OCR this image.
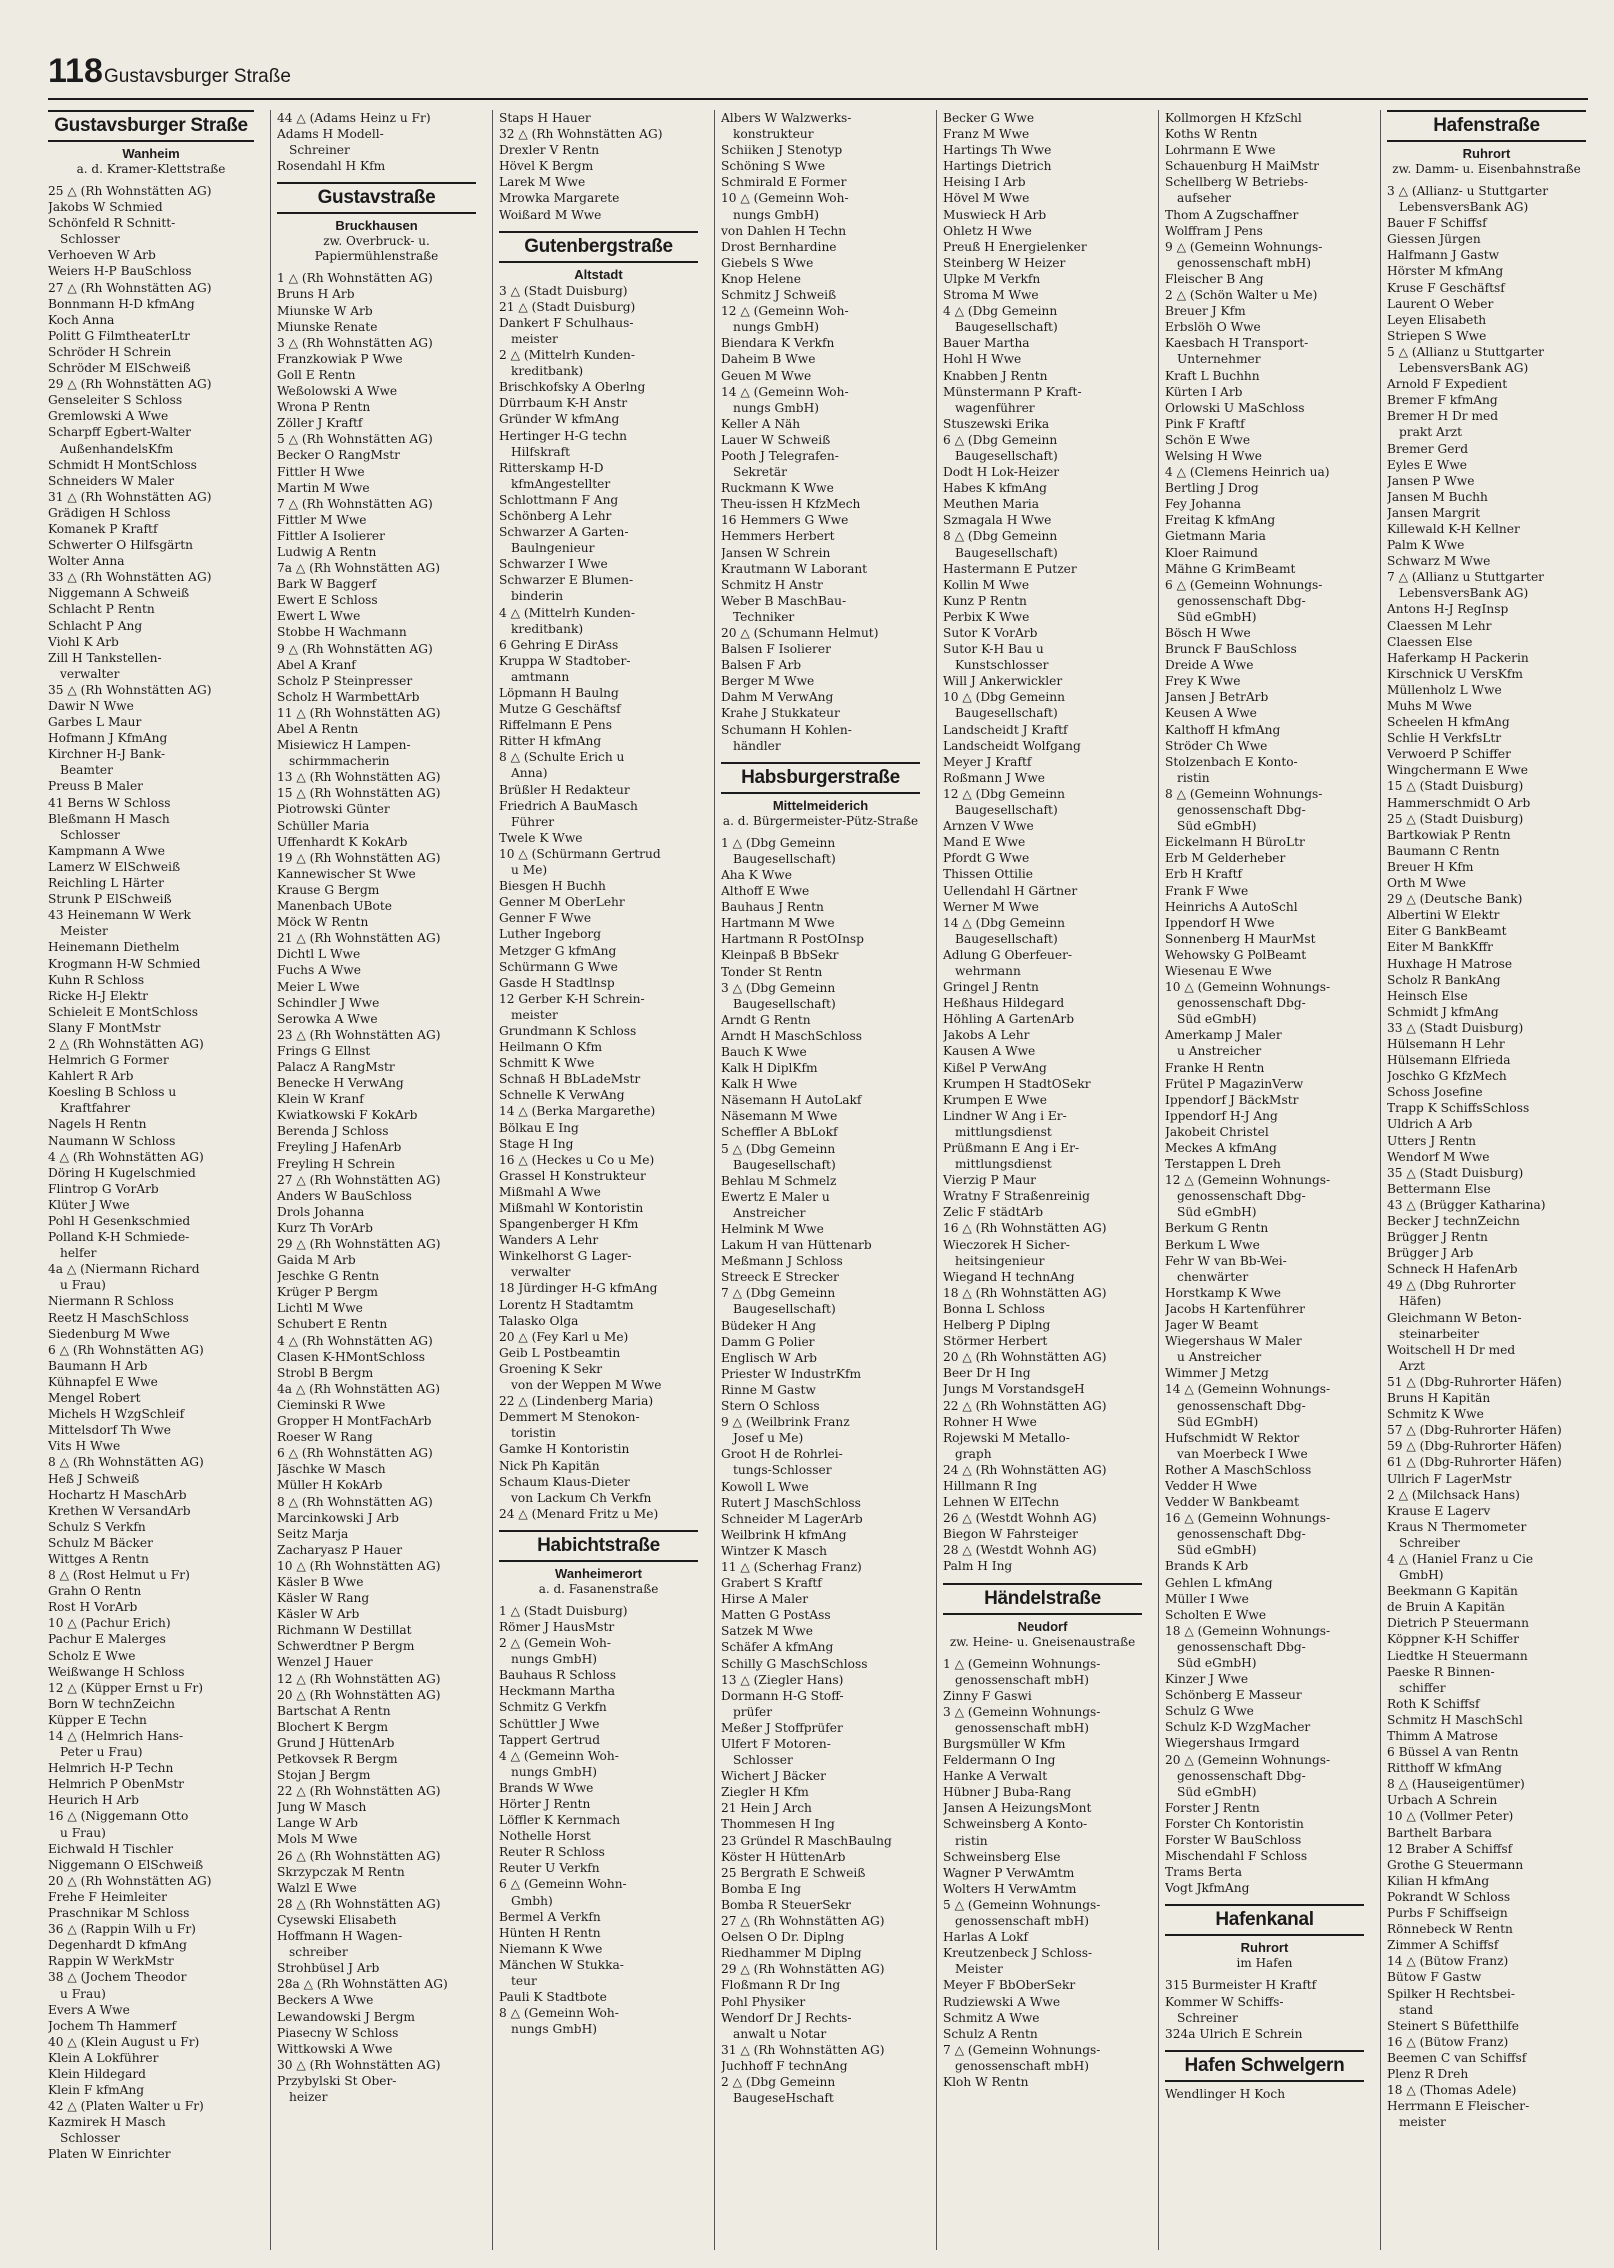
118 Gustavsburger Straße
Gustavsburger Straße
Wanheim
a. d. Kramer-Klettstraße
25 △ (Rh Wohnstätten AG)
Jakobs W Schmied
Schönfeld R Schnitt-
Schlosser
Verhoeven W Arb
Weiers H-P BauSchloss
27 △ (Rh Wohnstätten AG)
Bonnmann H-D kfmAng
Koch Anna
Politt G FilmtheaterLtr
Schröder H Schrein
Schröder M ElSchweiß
29 △ (Rh Wohnstätten AG)
Genseleiter S Schloss
Gremlowski A Wwe
Scharpff Egbert-Walter
AußenhandelsKfm
Schmidt H MontSchloss
Schneiders W Maler
31 △ (Rh Wohnstätten AG)
Grädigen H Schloss
Komanek P Kraftf
Schwerter O Hilfsgärtn
Wolter Anna
33 △ (Rh Wohnstätten AG)
Niggemann A Schweiß
Schlacht P Rentn
Schlacht P Ang
Viohl K Arb
Zill H Tankstellen-
verwalter
35 △ (Rh Wohnstätten AG)
Dawir N Wwe
Garbes L Maur
Hofmann J KfmAng
Kirchner H-J Bank-
Beamter
Preuss B Maler
41 Berns W Schloss
Bleßmann H Masch
Schlosser
Kampmann A Wwe
Lamerz W ElSchweiß
Reichling L Härter
Strunk P ElSchweiß
43 Heinemann W Werk
Meister
Heinemann Diethelm
Krogmann H-W Schmied
Kuhn R Schloss
Ricke H-J Elektr
Schieleit E MontSchloss
Slany F MontMstr
2 △ (Rh Wohnstätten AG)
Helmrich G Former
Kahlert R Arb
Koesling B Schloss u
Kraftfahrer
Nagels H Rentn
Naumann W Schloss
4 △ (Rh Wohnstätten AG)
Döring H Kugelschmied
Flintrop G VorArb
Klüter J Wwe
Pohl H Gesenkschmied
Polland K-H Schmiede-
helfer
4a △ (Niermann Richard
u Frau)
Niermann R Schloss
Reetz H MaschSchloss
Siedenburg M Wwe
6 △ (Rh Wohnstätten AG)
Baumann H Arb
Kühnapfel E Wwe
Mengel Robert
Michels H WzgSchleif
Mittelsdorf Th Wwe
Vits H Wwe
8 △ (Rh Wohnstätten AG)
Heß J Schweiß
Hochartz H MaschArb
Krethen W VersandArb
Schulz S Verkfn
Schulz M Bäcker
Wittges A Rentn
8 △ (Rost Helmut u Fr)
Grahn O Rentn
Rost H VorArb
10 △ (Pachur Erich)
Pachur E Malerges
Scholz E Wwe
Weißwange H Schloss
12 △ (Küpper Ernst u Fr)
Born W technZeichn
Küpper E Techn
14 △ (Helmrich Hans-
Peter u Frau)
Helmrich H-P Techn
Helmrich P ObenMstr
Heurich H Arb
16 △ (Niggemann Otto
u Frau)
Eichwald H Tischler
Niggemann O ElSchweiß
20 △ (Rh Wohnstätten AG)
Frehe F Heimleiter
Praschnikar M Schloss
36 △ (Rappin Wilh u Fr)
Degenhardt D kfmAng
Rappin W WerkMstr
38 △ (Jochem Theodor
u Frau)
Evers A Wwe
Jochem Th Hammerf
40 △ (Klein August u Fr)
Klein A Lokführer
Klein Hildegard
Klein F kfmAng
42 △ (Platen Walter u Fr)
Kazmirek H Masch
Schlosser
Platen W Einrichter
44 △ (Adams Heinz u Fr)
Adams H Modell-
Schreiner
Rosendahl H Kfm
Gustavstraße
Bruckhausen
zw. Overbruck- u. Papiermühlenstraße
1 △ (Rh Wohnstätten AG)
Bruns H Arb
Miunske W Arb
Miunske Renate
3 △ (Rh Wohnstätten AG)
Franzkowiak P Wwe
Goll E Rentn
Weßolowski A Wwe
Wrona P Rentn
Zöller J Kraftf
5 △ (Rh Wohnstätten AG)
Becker O RangMstr
Fittler H Wwe
Martin M Wwe
7 △ (Rh Wohnstätten AG)
Fittler M Wwe
Fittler A Isolierer
Ludwig A Rentn
7a △ (Rh Wohnstätten AG)
Bark W Baggerf
Ewert E Schloss
Ewert L Wwe
Stobbe H Wachmann
9 △ (Rh Wohnstätten AG)
Abel A Kranf
Scholz P Steinpresser
Scholz H WarmbettArb
11 △ (Rh Wohnstätten AG)
Abel A Rentn
Misiewicz H Lampen-
schirmmacherin
13 △ (Rh Wohnstätten AG)
15 △ (Rh Wohnstätten AG)
Piotrowski Günter
Schüller Maria
Uffenhardt K KokArb
19 △ (Rh Wohnstätten AG)
Kannewischer St Wwe
Krause G Bergm
Manenbach UBote
Möck W Rentn
21 △ (Rh Wohnstätten AG)
Dichtl L Wwe
Fuchs A Wwe
Meier L Wwe
Schindler J Wwe
Serowka A Wwe
23 △ (Rh Wohnstätten AG)
Frings G Ellnst
Palacz A RangMstr
Benecke H VerwAng
Klein W Kranf
Kwiatkowski F KokArb
Berenda J Schloss
Freyling J HafenArb
Freyling H Schrein
27 △ (Rh Wohnstätten AG)
Anders W BauSchloss
Drols Johanna
Kurz Th VorArb
29 △ (Rh Wohnstätten AG)
Gaida M Arb
Jeschke G Rentn
Krüger P Bergm
Lichtl M Wwe
Schubert E Rentn
4 △ (Rh Wohnstätten AG)
Clasen K-HMontSchloss
Strobl B Bergm
4a △ (Rh Wohnstätten AG)
Cieminski R Wwe
Gropper H MontFachArb
Roeser W Rang
6 △ (Rh Wohnstätten AG)
Jäschke W Masch
Müller H KokArb
8 △ (Rh Wohnstätten AG)
Marcinkowski J Arb
Seitz Marja
Zacharyasz P Hauer
10 △ (Rh Wohnstätten AG)
Käsler B Wwe
Käsler W Rang
Käsler W Arb
Richmann W Destillat
Schwerdtner P Bergm
Wenzel J Hauer
12 △ (Rh Wohnstätten AG)
20 △ (Rh Wohnstätten AG)
Bartschat A Rentn
Blochert K Bergm
Grund J HüttenArb
Petkovsek R Bergm
Stojan J Bergm
22 △ (Rh Wohnstätten AG)
Jung W Masch
Lange W Arb
Mols M Wwe
26 △ (Rh Wohnstätten AG)
Skrzypczak M Rentn
Walzl E Wwe
28 △ (Rh Wohnstätten AG)
Cysewski Elisabeth
Hoffmann H Wagen-
schreiber
Strohbüsel J Arb
28a △ (Rh Wohnstätten AG)
Beckers A Wwe
Lewandowski J Bergm
Piasecny W Schloss
Wittkowski A Wwe
30 △ (Rh Wohnstätten AG)
Przybylski St Ober-
heizer
Staps H Hauer
32 △ (Rh Wohnstätten AG)
Drexler V Rentn
Hövel K Bergm
Larek M Wwe
Mrowka Margarete
Woißard M Wwe
Gutenbergstraße
Altstadt
3 △ (Stadt Duisburg)
21 △ (Stadt Duisburg)
Dankert F Schulhaus-
meister
2 △ (Mittelrh Kunden-
kreditbank)
Brischkofsky A Oberlng
Dürrbaum K-H Anstr
Gründer W kfmAng
Hertinger H-G techn
Hilfskraft
Ritterskamp H-D
kfmAngestellter
Schlottmann F Ang
Schönberg A Lehr
Schwarzer A Garten-
Baulngenieur
Schwarzer I Wwe
Schwarzer E Blumen-
binderin
4 △ (Mittelrh Kunden-
kreditbank)
6 Gehring E DirAss
Kruppa W Stadtober-
amtmann
Löpmann H Baulng
Mutze G Geschäftsf
Riffelmann E Pens
Ritter H kfmAng
8 △ (Schulte Erich u
Anna)
Brüßler H Redakteur
Friedrich A BauMasch
Führer
Twele K Wwe
10 △ (Schürmann Gertrud
u Me)
Biesgen H Buchh
Genner M OberLehr
Genner F Wwe
Luther Ingeborg
Metzger G kfmAng
Schürmann G Wwe
Gasde H Stadtlnsp
12 Gerber K-H Schrein-
meister
Grundmann K Schloss
Heilmann O Kfm
Schmitt K Wwe
Schnaß H BbLadeMstr
Schnelle K VerwAng
14 △ (Berka Margarethe)
Bölkau E Ing
Stage H Ing
16 △ (Heckes u Co u Me)
Grassel H Konstrukteur
Mißmahl A Wwe
Mißmahl W Kontoristin
Spangenberger H Kfm
Wanders A Lehr
Winkelhorst G Lager-
verwalter
18 Jürdinger H-G kfmAng
Lorentz H Stadtamtm
Talasko Olga
20 △ (Fey Karl u Me)
Geib L Postbeamtin
Groening K Sekr
von der Weppen M Wwe
22 △ (Lindenberg Maria)
Demmert M Stenokon-
toristin
Gamke H Kontoristin
Nick Ph Kapitän
Schaum Klaus-Dieter
von Lackum Ch Verkfn
24 △ (Menard Fritz u Me)
Habichtstraße
Wanheimerort
a. d. Fasanenstraße
1 △ (Stadt Duisburg)
Römer J HausMstr
2 △ (Gemein Woh-
nungs GmbH)
Bauhaus R Schloss
Heckmann Martha
Schmitz G Verkfn
Schüttler J Wwe
Tappert Gertrud
4 △ (Gemeinn Woh-
nungs GmbH)
Brands W Wwe
Hörter J Rentn
Löffler K Kernmach
Nothelle Horst
Reuter R Schloss
Reuter U Verkfn
6 △ (Gemeinn Wohn-
Gmbh)
Bermel A Verkfn
Hünten H Rentn
Niemann K Wwe
Mänchen W Stukka-
teur
Pauli K Stadtbote
8 △ (Gemeinn Woh-
nungs GmbH)
Albers W Walzwerks-
konstrukteur
Schiiken J Stenotyp
Schöning S Wwe
Schmirald E Former
10 △ (Gemeinn Woh-
nungs GmbH)
von Dahlen H Techn
Drost Bernhardine
Giebels S Wwe
Knop Helene
Schmitz J Schweiß
12 △ (Gemeinn Woh-
nungs GmbH)
Biendara K Verkfn
Daheim B Wwe
Geuen M Wwe
14 △ (Gemeinn Woh-
nungs GmbH)
Keller A Näh
Lauer W Schweiß
Pooth J Telegrafen-
Sekretär
Ruckmann K Wwe
Theu-issen H KfzMech
16 Hemmers G Wwe
Hemmers Herbert
Jansen W Schrein
Krautmann W Laborant
Schmitz H Anstr
Weber B MaschBau-
Techniker
20 △ (Schumann Helmut)
Balsen F Isolierer
Balsen F Arb
Berger M Wwe
Dahm M VerwAng
Krahe J Stukkateur
Schumann H Kohlen-
händler
Habsburgerstraße
Mittelmeiderich
a. d. Bürgermeister-Pütz-Straße
1 △ (Dbg Gemeinn
Baugesellschaft)
Aha K Wwe
Althoff E Wwe
Bauhaus J Rentn
Hartmann M Wwe
Hartmann R PostOInsp
Kleinpaß B BbSekr
Tonder St Rentn
3 △ (Dbg Gemeinn
Baugesellschaft)
Arndt G Rentn
Arndt H MaschSchloss
Bauch K Wwe
Kalk H DiplKfm
Kalk H Wwe
Näsemann H AutoLakf
Näsemann M Wwe
Scheffler A BbLokf
5 △ (Dbg Gemeinn
Baugesellschaft)
Behlau M Schmelz
Ewertz E Maler u
Anstreicher
Helmink M Wwe
Lakum H van Hüttenarb
Meßmann J Schloss
Streeck E Strecker
7 △ (Dbg Gemeinn
Baugesellschaft)
Büdeker H Ang
Damm G Polier
Englisch W Arb
Priester W IndustrKfm
Rinne M Gastw
Stern O Schloss
9 △ (Weilbrink Franz
Josef u Me)
Groot H de Rohrlei-
tungs-Schlosser
Kowoll L Wwe
Rutert J MaschSchloss
Schneider M LagerArb
Weilbrink H kfmAng
Wintzer K Masch
11 △ (Scherhag Franz)
Grabert S Kraftf
Hirse A Maler
Matten G PostAss
Satzek M Wwe
Schäfer A kfmAng
Schilly G MaschSchloss
13 △ (Ziegler Hans)
Dormann H-G Stoff-
prüfer
Meßer J Stoffprüfer
Ulfert F Motoren-
Schlosser
Wichert J Bäcker
Ziegler H Kfm
21 Hein J Arch
Thommesen H Ing
23 Gründel R MaschBaulng
Köster H HüttenArb
25 Bergrath E Schweiß
Bomba E Ing
Bomba R SteuerSekr
27 △ (Rh Wohnstätten AG)
Oelsen O Dr. Diplng
Riedhammer M Diplng
29 △ (Rh Wohnstätten AG)
Floßmann R Dr Ing
Pohl Physiker
Wendorf Dr J Rechts-
anwalt u Notar
31 △ (Rh Wohnstätten AG)
Juchhoff F technAng
2 △ (Dbg Gemeinn
BaugeseHschaft
Becker G Wwe
Franz M Wwe
Hartings Th Wwe
Hartings Dietrich
Heising I Arb
Hövel M Wwe
Muswieck H Arb
Ohletz H Wwe
Preuß H Energielenker
Steinberg W Heizer
Ulpke M Verkfn
Stroma M Wwe
4 △ (Dbg Gemeinn
Baugesellschaft)
Bauer Martha
Hohl H Wwe
Knabben J Rentn
Münstermann P Kraft-
wagenführer
Stuszewski Erika
6 △ (Dbg Gemeinn
Baugesellschaft)
Dodt H Lok-Heizer
Habes K kfmAng
Meuthen Maria
Szmagala H Wwe
8 △ (Dbg Gemeinn
Baugesellschaft)
Hastermann E Putzer
Kollin M Wwe
Kunz P Rentn
Perbix K Wwe
Sutor K VorArb
Sutor K-H Bau u
Kunstschlosser
Will J Ankerwickler
10 △ (Dbg Gemeinn
Baugesellschaft)
Landscheidt J Kraftf
Landscheidt Wolfgang
Meyer J Kraftf
Roßmann J Wwe
12 △ (Dbg Gemeinn
Baugesellschaft)
Arnzen V Wwe
Mand E Wwe
Pfordt G Wwe
Thissen Ottilie
Uellendahl H Gärtner
Werner M Wwe
14 △ (Dbg Gemeinn
Baugesellschaft)
Adlung G Oberfeuer-
wehrmann
Gringel J Rentn
Heßhaus Hildegard
Höhling A GartenArb
Jakobs A Lehr
Kausen A Wwe
Kißel P VerwAng
Krumpen H StadtOSekr
Krumpen E Wwe
Lindner W Ang i Er-
mittlungsdienst
Prüßmann E Ang i Er-
mittlungsdienst
Vierzig P Maur
Wratny F Straßenreinig
Zelic F städtArb
16 △ (Rh Wohnstätten AG)
Wieczorek H Sicher-
heitsingenieur
Wiegand H technAng
18 △ (Rh Wohnstätten AG)
Bonna L Schloss
Helberg P Diplng
Störmer Herbert
20 △ (Rh Wohnstätten AG)
Beer Dr H Ing
Jungs M VorstandsgeH
22 △ (Rh Wohnstätten AG)
Rohner H Wwe
Rojewski M Metallo-
graph
24 △ (Rh Wohnstätten AG)
Hillmann R Ing
Lehnen W ElTechn
26 △ (Westdt Wohnh AG)
Biegon W Fahrsteiger
28 △ (Westdt Wohnh AG)
Palm H Ing
Händelstraße
Neudorf
zw. Heine- u. Gneisenaustraße
1 △ (Gemeinn Wohnungs-
genossenschaft mbH)
Zinny F Gaswi
3 △ (Gemeinn Wohnungs-
genossenschaft mbH)
Burgsmüller W Kfm
Feldermann O Ing
Hanke A Verwalt
Hübner J Buba-Rang
Jansen A HeizungsMont
Schweinsberg A Konto-
ristin
Schweinsberg Else
Wagner P VerwAmtm
Wolters H VerwAmtm
5 △ (Gemeinn Wohnungs-
genossenschaft mbH)
Harlas A Lokf
Kreutzenbeck J Schloss-
Meister
Meyer F BbOberSekr
Rudziewski A Wwe
Schmitz A Wwe
Schulz A Rentn
7 △ (Gemeinn Wohnungs-
genossenschaft mbH)
Kloh W Rentn
Kollmorgen H KfzSchl
Koths W Rentn
Lohrmann E Wwe
Schauenburg H MaiMstr
Schellberg W Betriebs-
aufseher
Thom A Zugschaffner
Wolffram J Pens
9 △ (Gemeinn Wohnungs-
genossenschaft mbH)
Fleischer B Ang
2 △ (Schön Walter u Me)
Breuer J Kfm
Erbslöh O Wwe
Kaesbach H Transport-
Unternehmer
Kraft L Buchhn
Kürten I Arb
Orlowski U MaSchloss
Pink F Kraftf
Schön E Wwe
Welsing H Wwe
4 △ (Clemens Heinrich ua)
Bertling J Drog
Fey Johanna
Freitag K kfmAng
Gietmann Maria
Kloer Raimund
Mähne G KrimBeamt
6 △ (Gemeinn Wohnungs-
genossenschaft Dbg-
Süd eGmbH)
Bösch H Wwe
Brunck F BauSchloss
Dreide A Wwe
Frey K Wwe
Jansen J BetrArb
Keusen A Wwe
Kalthoff H kfmAng
Ströder Ch Wwe
Stolzenbach E Konto-
ristin
8 △ (Gemeinn Wohnungs-
genossenschaft Dbg-
Süd eGmbH)
Eickelmann H BüroLtr
Erb M Gelderheber
Erb H Kraftf
Frank F Wwe
Heinrichs A AutoSchl
Ippendorf H Wwe
Sonnenberg H MaurMst
Wehowsky G PolBeamt
Wiesenau E Wwe
10 △ (Gemeinn Wohnungs-
genossenschaft Dbg-
Süd eGmbH)
Amerkamp J Maler
u Anstreicher
Franke H Rentn
Frütel P MagazinVerw
Ippendorf J BäckMstr
Ippendorf H-J Ang
Jakobeit Christel
Meckes A kfmAng
Terstappen L Dreh
12 △ (Gemeinn Wohnungs-
genossenschaft Dbg-
Süd eGmbH)
Berkum G Rentn
Berkum L Wwe
Fehr W van Bb-Wei-
chenwärter
Horstkamp K Wwe
Jacobs H Kartenführer
Jager W Beamt
Wiegershaus W Maler
u Anstreicher
Wimmer J Metzg
14 △ (Gemeinn Wohnungs-
genossenschaft Dbg-
Süd EGmbH)
Hufschmidt W Rektor
van Moerbeck I Wwe
Rother A MaschSchloss
Vedder H Wwe
Vedder W Bankbeamt
16 △ (Gemeinn Wohnungs-
genossenschaft Dbg-
Süd eGmbH)
Brands K Arb
Gehlen L kfmAng
Müller I Wwe
Scholten E Wwe
18 △ (Gemeinn Wohnungs-
genossenschaft Dbg-
Süd eGmbH)
Kinzer J Wwe
Schönberg E Masseur
Schulz G Wwe
Schulz K-D WzgMacher
Wiegershaus Irmgard
20 △ (Gemeinn Wohnungs-
genossenschaft Dbg-
Süd eGmbH)
Forster J Rentn
Forster Ch Kontoristin
Forster W BauSchloss
Mischendahl F Schloss
Trams Berta
Vogt JkfmAng
Hafenkanal
Ruhrort
im Hafen
315 Burmeister H Kraftf
Kommer W Schiffs-
Schreiner
324a Ulrich E Schrein
Hafen Schwelgern
Wendlinger H Koch
Hafenstraße
Ruhrort
zw. Damm- u. Eisenbahnstraße
3 △ (Allianz- u Stuttgarter
LebensversBank AG)
Bauer F Schiffsf
Giessen Jürgen
Halfmann J Gastw
Hörster M kfmAng
Kruse F Geschäftsf
Laurent O Weber
Leyen Elisabeth
Striepen S Wwe
5 △ (Allianz u Stuttgarter
LebensversBank AG)
Arnold F Expedient
Bremer F kfmAng
Bremer H Dr med
prakt Arzt
Bremer Gerd
Eyles E Wwe
Jansen P Wwe
Jansen M Buchh
Jansen Margrit
Killewald K-H Kellner
Palm K Wwe
Schwarz M Wwe
7 △ (Allianz u Stuttgarter
LebensversBank AG)
Antons H-J RegInsp
Claessen M Lehr
Claessen Else
Haferkamp H Packerin
Kirschnick U VersKfm
Müllenholz L Wwe
Muhs M Wwe
Scheelen H kfmAng
Schlie H VerkfsLtr
Verwoerd P Schiffer
Wingchermann E Wwe
15 △ (Stadt Duisburg)
Hammerschmidt O Arb
25 △ (Stadt Duisburg)
Bartkowiak P Rentn
Baumann C Rentn
Breuer H Kfm
Orth M Wwe
29 △ (Deutsche Bank)
Albertini W Elektr
Eiter G BankBeamt
Eiter M BankKffr
Huxhage H Matrose
Scholz R BankAng
Heinsch Else
Schmidt J kfmAng
33 △ (Stadt Duisburg)
Hülsemann H Lehr
Hülsemann Elfrieda
Joschko G KfzMech
Schoss Josefine
Trapp K SchiffsSchloss
Uldrich A Arb
Utters J Rentn
Wendorf M Wwe
35 △ (Stadt Duisburg)
Bettermann Else
43 △ (Brügger Katharina)
Becker J technZeichn
Brügger J Rentn
Brügger J Arb
Schneck H HafenArb
49 △ (Dbg Ruhrorter
Häfen)
Gleichmann W Beton-
steinarbeiter
Woitschell H Dr med
Arzt
51 △ (Dbg-Ruhrorter Häfen)
Bruns H Kapitän
Schmitz K Wwe
57 △ (Dbg-Ruhrorter Häfen)
59 △ (Dbg-Ruhrorter Häfen)
61 △ (Dbg-Ruhrorter Häfen)
Ullrich F LagerMstr
2 △ (Milchsack Hans)
Krause E Lagerv
Kraus N Thermometer
Schreiber
4 △ (Haniel Franz u Cie
GmbH)
Beekmann G Kapitän
de Bruin A Kapitän
Dietrich P Steuermann
Köppner K-H Schiffer
Liedtke H Steuermann
Paeske R Binnen-
schiffer
Roth K Schiffsf
Schmitz H MaschSchl
Thimm A Matrose
6 Büssel A van Rentn
Ritthoff W kfmAng
8 △ (Hauseigentümer)
Urbach A Schrein
10 △ (Vollmer Peter)
Barthelt Barbara
12 Braber A Schiffsf
Grothe G Steuermann
Kilian H kfmAng
Pokrandt W Schloss
Purbs F Schiffseign
Rönnebeck W Rentn
Zimmer A Schiffsf
14 △ (Bütow Franz)
Bütow F Gastw
Spilker H Rechtsbei-
stand
Steinert S Büfetthilfe
16 △ (Bütow Franz)
Beemen C van Schiffsf
Plenz R Dreh
18 △ (Thomas Adele)
Herrmann E Fleischer-
meister
